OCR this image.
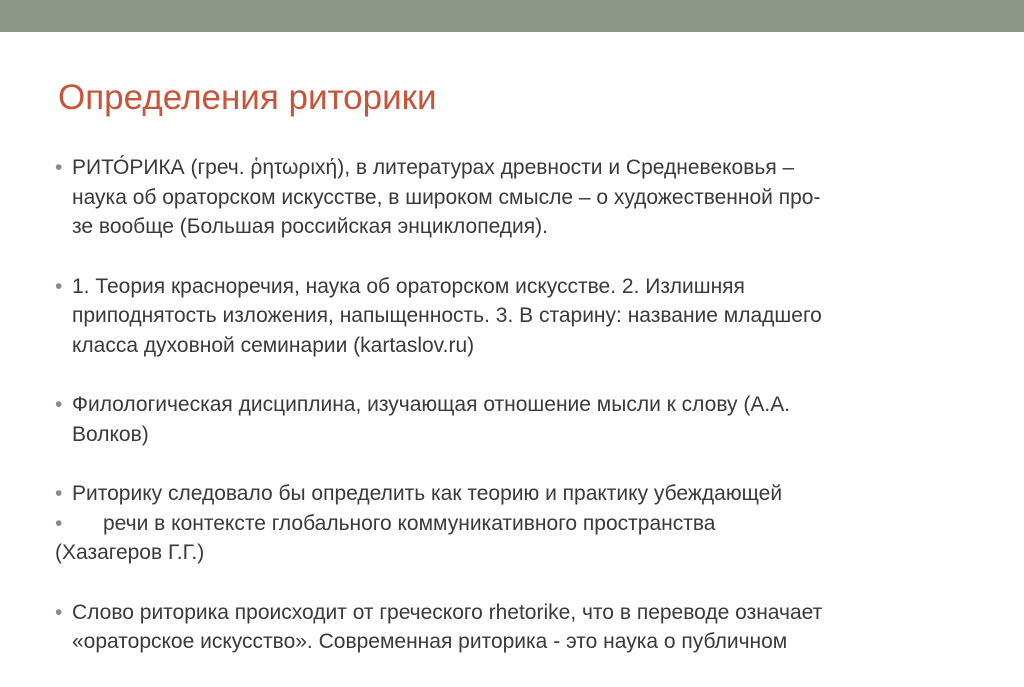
Определения риторики
• РИТО́РИКА (греч. ῥητωριxή), в литературах древности и Средневековья –
наука об ораторском искусстве, в широком смысле – о художественной про-
зе вообще (Большая российская энциклопедия).
• 1. Теория красноречия, наука об ораторском искусстве. 2. Излишняя
приподнятость изложения, напыщенность. 3. В старину: название младшего
класса духовной семинарии (kartaslov.ru)
• Филологическая дисциплина, изучающая отношение мысли к слову (А.А.
Волков)
• Риторику следовало бы определить как теорию и практику убеждающей
•	речи в контексте глобального коммуникативного пространства
(Хазагеров Г.Г.)
• Слово риторика происходит от греческого rhetorike, что в переводе означает
«ораторское искусство». Современная риторика - это наука о публичном
